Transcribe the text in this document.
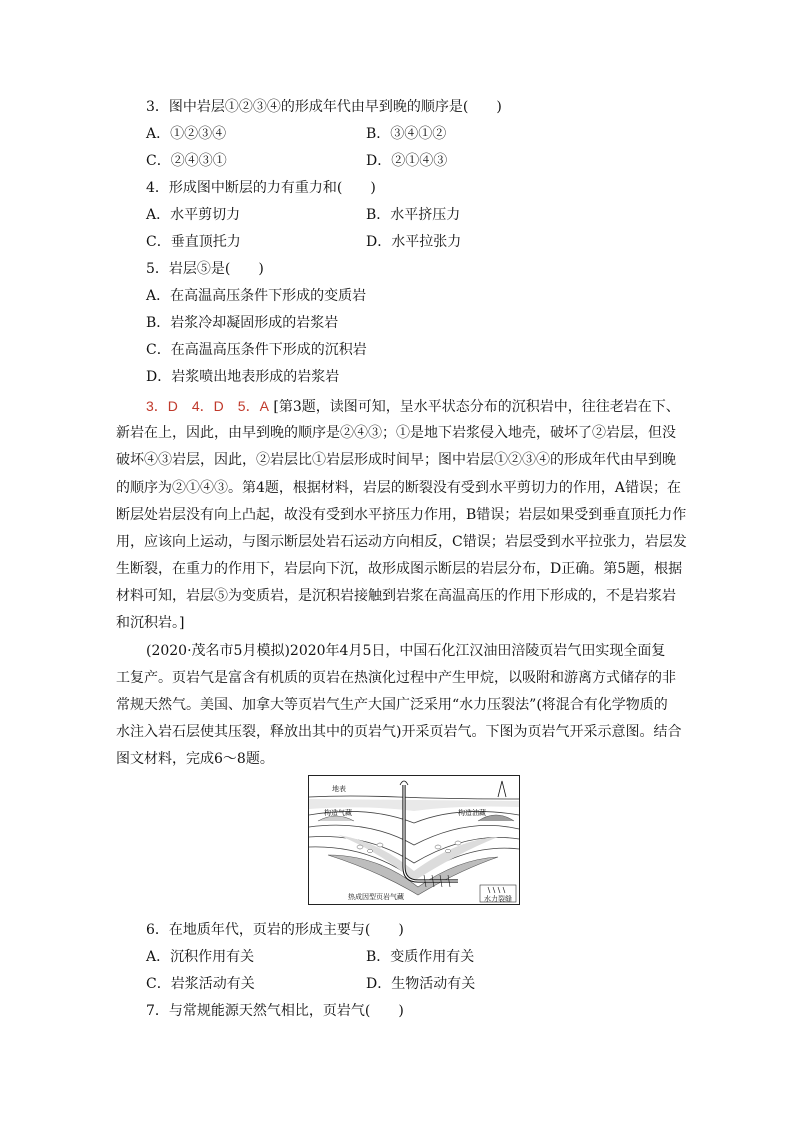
3．图中岩层①②③④的形成年代由早到晚的顺序是(　　)
A．①②③④	B．③④①②
C．②④③①	D．②①④③
4．形成图中断层的力有重力和(　　)
A．水平剪切力	B．水平挤压力
C．垂直顶托力	D．水平拉张力
5．岩层⑤是(　　)
A．在高温高压条件下形成的变质岩
B．岩浆冷却凝固形成的岩浆岩
C．在高温高压条件下形成的沉积岩
D．岩浆喷出地表形成的岩浆岩
3．D　4．D　5．A [第3题，读图可知，呈水平状态分布的沉积岩中，往往老岩在下、
新岩在上，因此，由早到晚的顺序是②④③；①是地下岩浆侵入地壳，破坏了②岩层，但没
破坏④③岩层，因此，②岩层比①岩层形成时间早；图中岩层①②③④的形成年代由早到晚
的顺序为②①④③。第4题，根据材料，岩层的断裂没有受到水平剪切力的作用，A错误；在
断层处岩层没有向上凸起，故没有受到水平挤压力作用，B错误；岩层如果受到垂直顶托力作
用，应该向上运动，与图示断层处岩石运动方向相反，C错误；岩层受到水平拉张力，岩层发
生断裂，在重力的作用下，岩层向下沉，故形成图示断层的岩层分布，D正确。第5题，根据
材料可知，岩层⑤为变质岩，是沉积岩接触到岩浆在高温高压的作用下形成的，不是岩浆岩
和沉积岩。]
(2020·茂名市5月模拟)2020年4月5日，中国石化江汉油田涪陵页岩气田实现全面复
工复产。页岩气是富含有机质的页岩在热演化过程中产生甲烷，以吸附和游离方式储存的非
常规天然气。美国、加拿大等页岩气生产大国广泛采用“水力压裂法”(将混合有化学物质的
水注入岩石层使其压裂，释放出其中的页岩气)开采页岩气。下图为页岩气开采示意图。结合
图文材料，完成6～8题。
地表
构造气藏	构造油藏
热成因型页岩气藏	水力裂缝
6．在地质年代，页岩的形成主要与(　　)
A．沉积作用有关	B．变质作用有关
C．岩浆活动有关	D．生物活动有关
7．与常规能源天然气相比，页岩气(　　)
